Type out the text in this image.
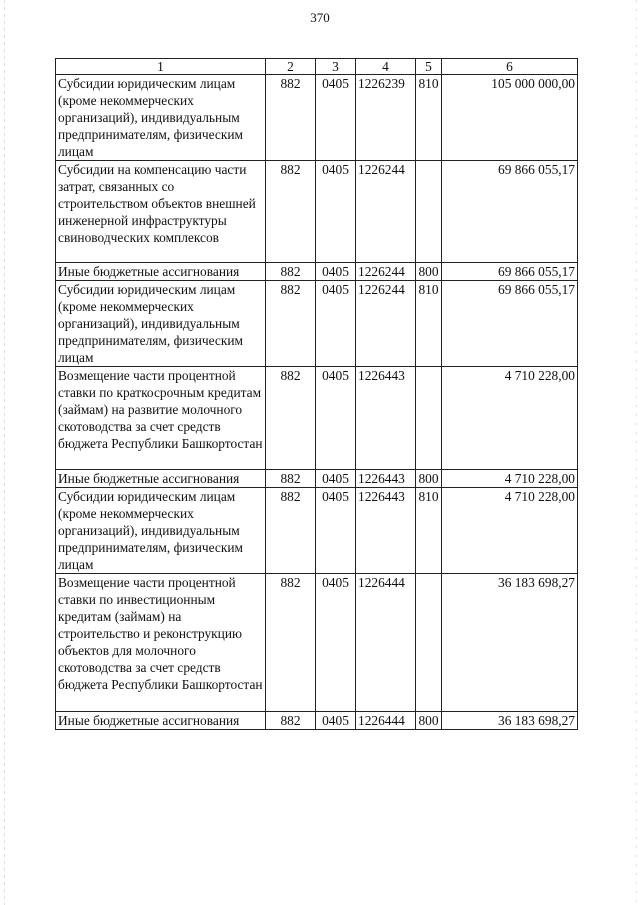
370
1	2	3	4	5	6
Субсидии юридическим лицам (кроме некоммерческих организаций), индивидуальным предпринимателям, физическим лицам	882	0405	1226239	810	105 000 000,00
Субсидии на компенсацию части затрат, связанных со строительством объектов внешней инженерной инфраструктуры свиноводческих комплексов	882	0405	1226244		69 866 055,17
Иные бюджетные ассигнования	882	0405	1226244	800	69 866 055,17
Субсидии юридическим лицам (кроме некоммерческих организаций), индивидуальным предпринимателям, физическим лицам	882	0405	1226244	810	69 866 055,17
Возмещение части процентной ставки по краткосрочным кредитам (займам) на развитие молочного скотоводства за счет средств бюджета Республики Башкортостан	882	0405	1226443		4 710 228,00
Иные бюджетные ассигнования	882	0405	1226443	800	4 710 228,00
Субсидии юридическим лицам (кроме некоммерческих организаций), индивидуальным предпринимателям, физическим лицам	882	0405	1226443	810	4 710 228,00
Возмещение части процентной ставки по инвестиционным кредитам (займам) на строительство и реконструкцию объектов для молочного скотоводства за счет средств бюджета Республики Башкортостан	882	0405	1226444		36 183 698,27
Иные бюджетные ассигнования	882	0405	1226444	800	36 183 698,27
